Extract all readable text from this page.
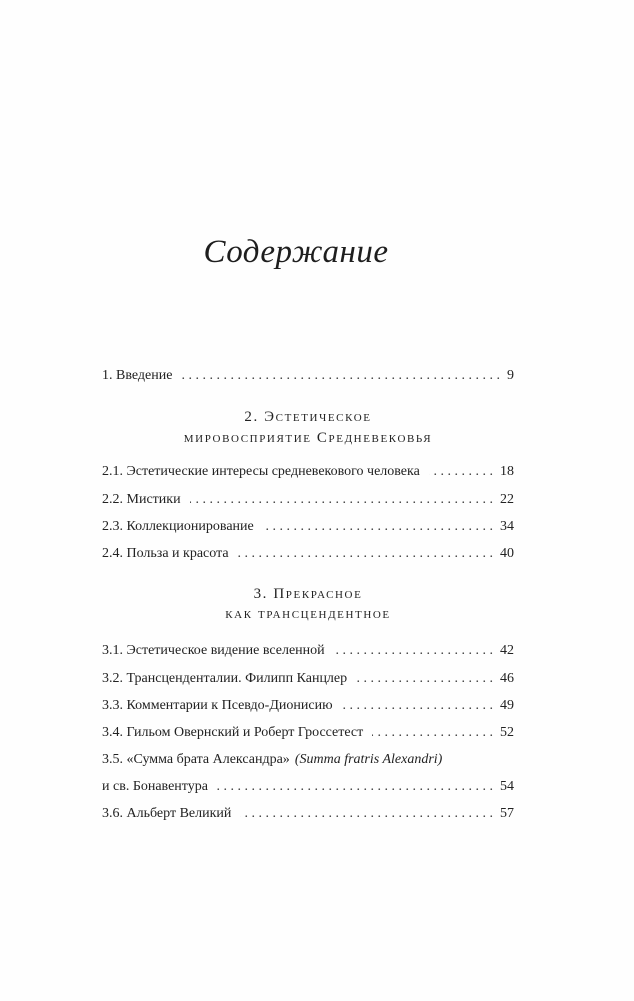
Содержание
1. Введение . . .	9
2. Эстетическое
мировосприятие Средневековья
2.1. Эстетические интересы средневекового человека . . .	18
2.2. Мистики . . .	22
2.3. Коллекционирование . . .	34
2.4. Польза и красота . . .	40
3. Прекрасное
как трансцендентное
3.1. Эстетическое видение вселенной . . .	42
3.2. Трансценденталии. Филипп Канцлер . . .	46
3.3. Комментарии к Псевдо-Дионисию . . .	49
3.4. Гильом Овернский и Роберт Гроссетест . . .	52
3.5. «Сумма брата Александра» (Summa fratris Alexandri)
и св. Бонавентура . . .	54
3.6. Альберт Великий . . .	57
